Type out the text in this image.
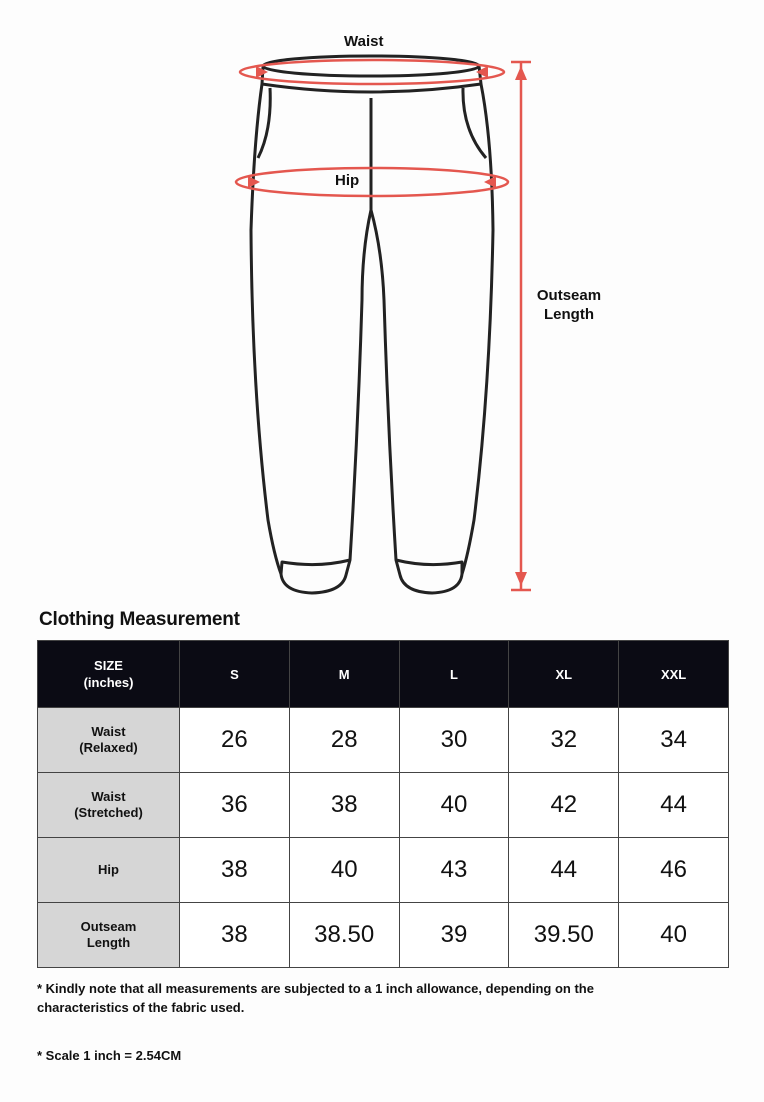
Waist
Hip
Outseam
Length
Clothing Measurement
SIZE
(inches)	S	M	L	XL	XXL

Waist
(Relaxed)	26	28	30	32	34

Waist
(Stretched)	36	38	40	42	44

Hip	38	40	43	44	46

Outseam
Length	38	38.50	39	39.50	40
* Kindly note that all measurements are subjected to a 1 inch allowance, depending on the characteristics of the fabric used.
* Scale 1 inch = 2.54CM
